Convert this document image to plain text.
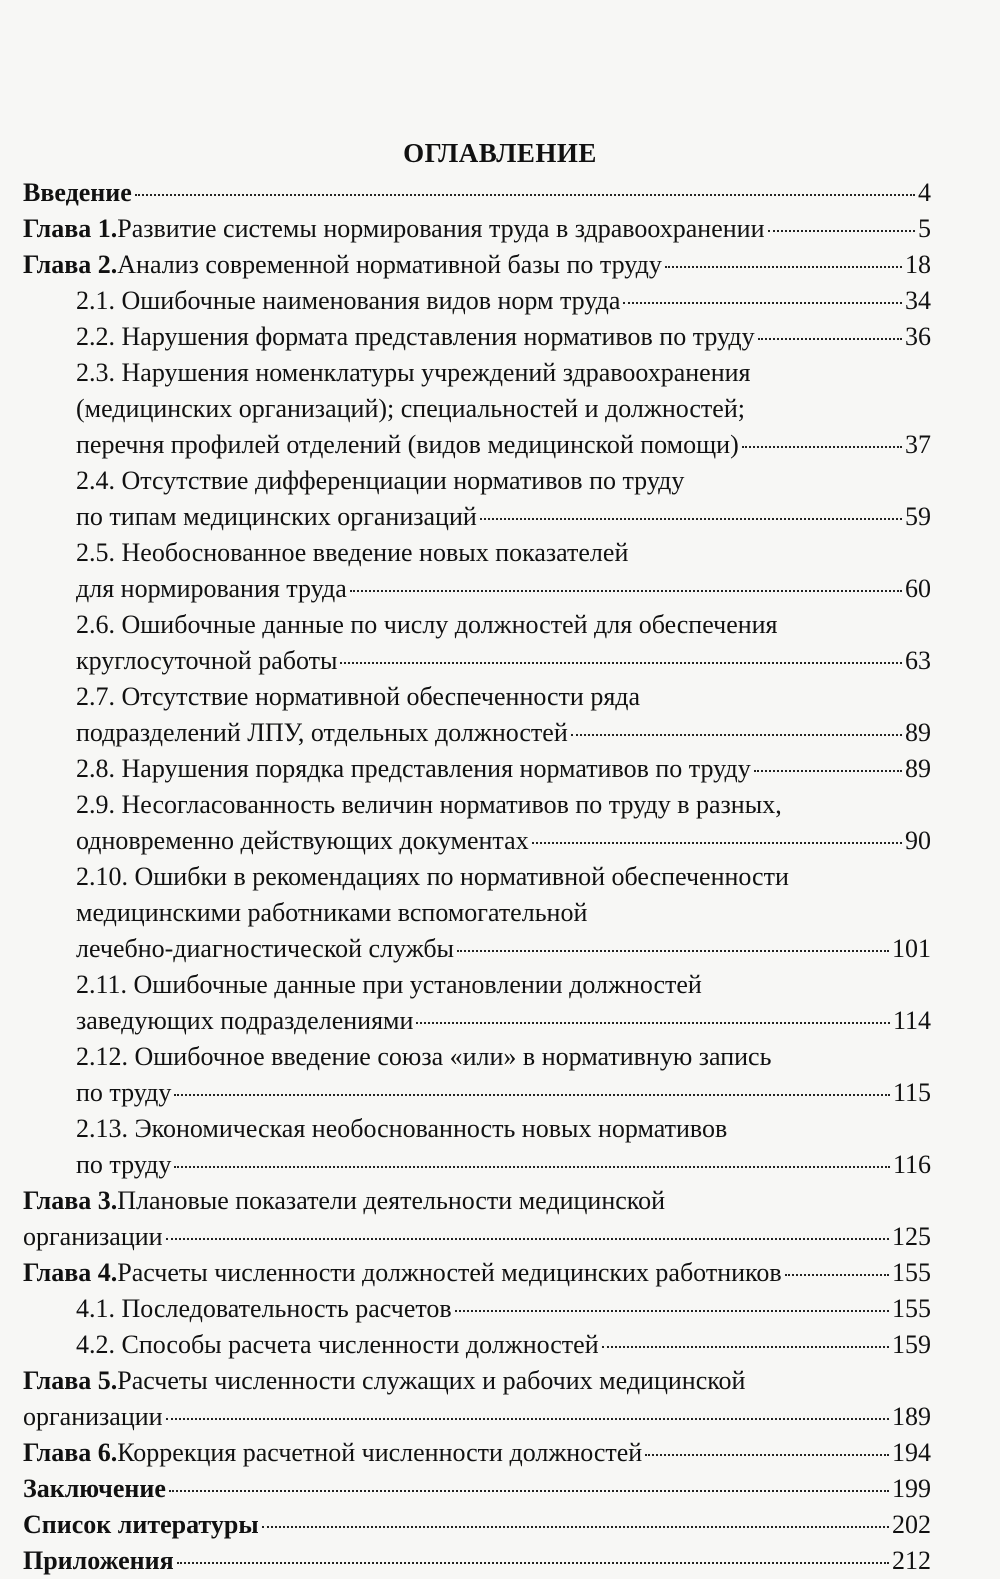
ОГЛАВЛЕНИЕ
Введение	4
Глава 1. Развитие системы нормирования труда в здравоохранении	5
Глава 2. Анализ современной нормативной базы по труду	18
2.1. Ошибочные наименования видов норм труда	34
2.2. Нарушения формата представления нормативов по труду	36
2.3. Нарушения номенклатуры учреждений здравоохранения
(медицинских организаций); специальностей и должностей;
перечня профилей отделений (видов медицинской помощи)	37
2.4. Отсутствие дифференциации нормативов по труду
по типам медицинских организаций	59
2.5. Необоснованное введение новых показателей
для нормирования труда	60
2.6. Ошибочные данные по числу должностей для обеспечения
круглосуточной работы	63
2.7. Отсутствие нормативной обеспеченности ряда
подразделений ЛПУ, отдельных должностей	89
2.8. Нарушения порядка представления нормативов по труду	89
2.9. Несогласованность величин нормативов по труду в разных,
одновременно действующих документах	90
2.10. Ошибки в рекомендациях по нормативной обеспеченности
медицинскими работниками вспомогательной
лечебно-диагностической службы	101
2.11. Ошибочные данные при установлении должностей
заведующих подразделениями	114
2.12. Ошибочное введение союза «или» в нормативную запись
по труду	115
2.13. Экономическая необоснованность новых нормативов
по труду	116
Глава 3. Плановые показатели деятельности медицинской
организации	125
Глава 4. Расчеты численности должностей медицинских работников	155
4.1. Последовательность расчетов	155
4.2. Способы расчета численности должностей	159
Глава 5. Расчеты численности служащих и рабочих медицинской
организации	189
Глава 6. Коррекция расчетной численности должностей	194
Заключение	199
Список литературы	202
Приложения	212
